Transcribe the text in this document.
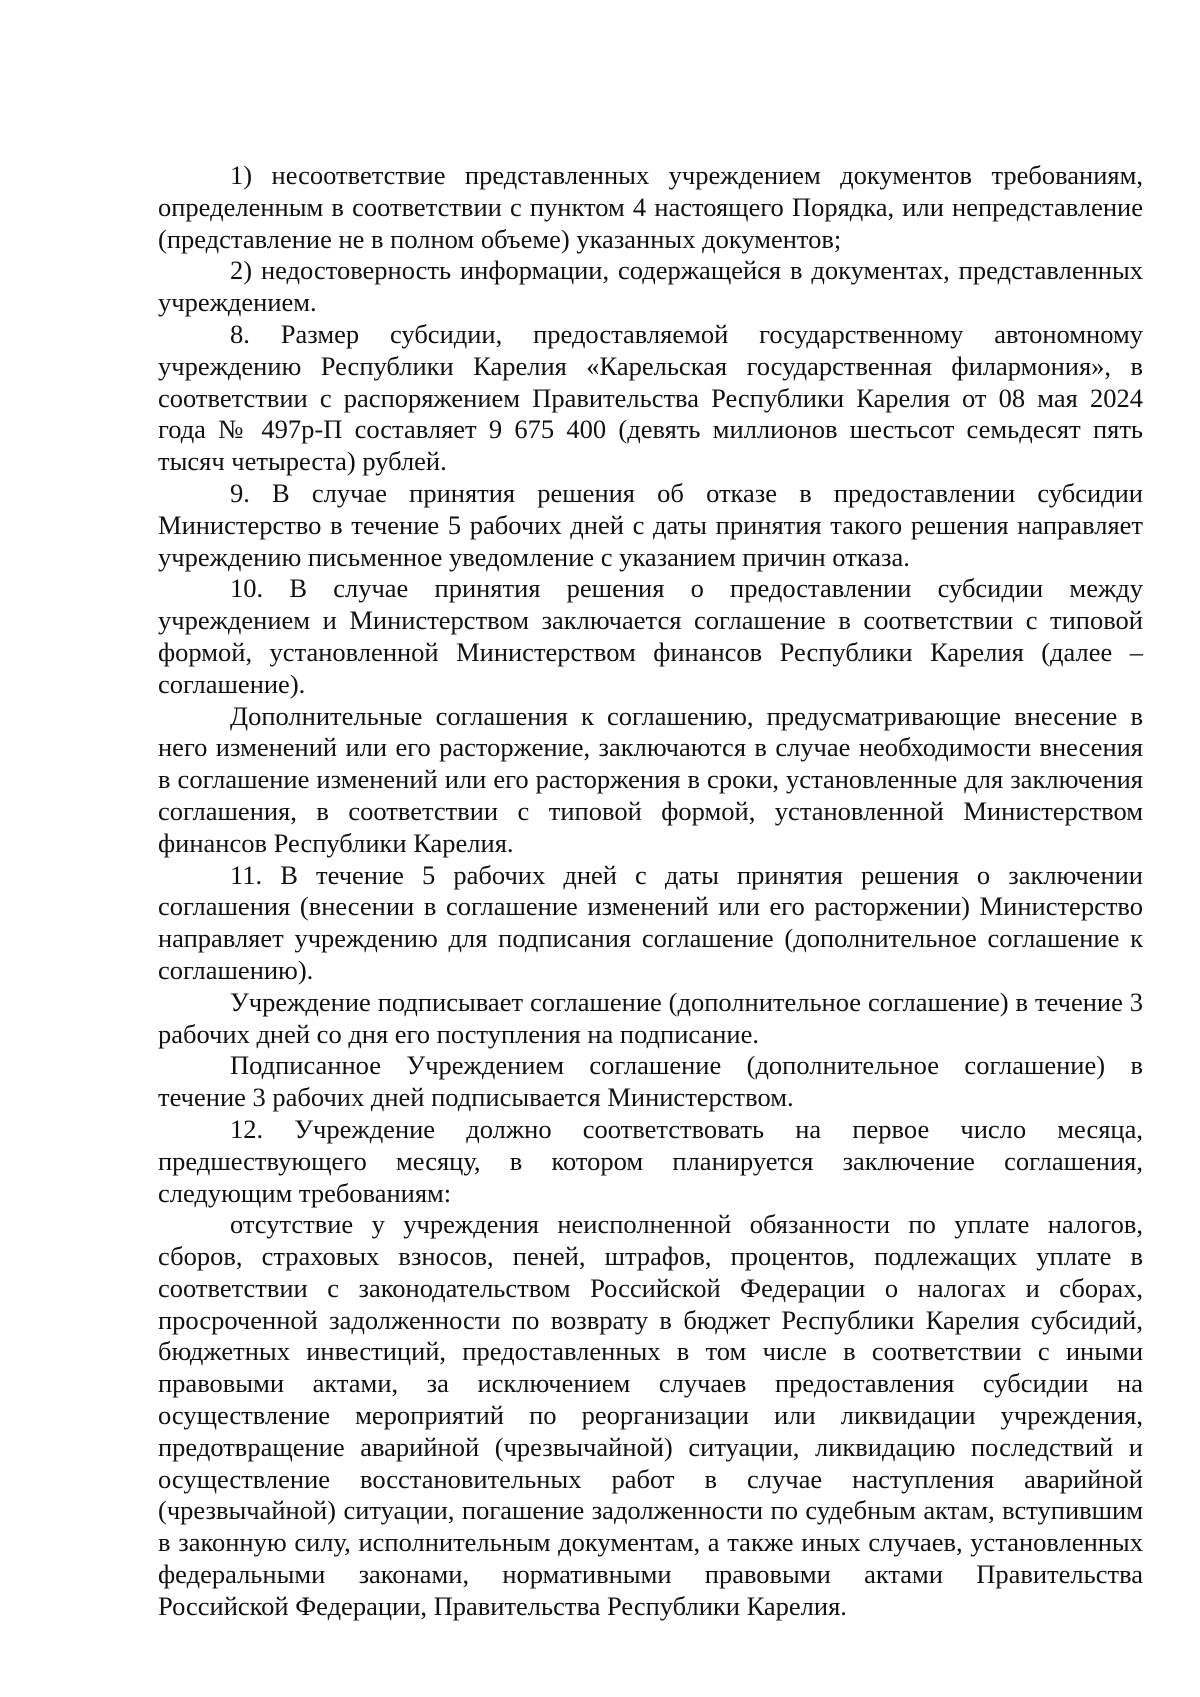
1) несоответствие представленных учреждением документов требованиям, определенным в соответствии с пунктом 4 настоящего Порядка, или непредставление (представление не в полном объеме) указанных документов;

2) недостоверность информации, содержащейся в документах, представленных учреждением.

8. Размер субсидии, предоставляемой государственному автономному учреждению Республики Карелия «Карельская государственная филармония», в соответствии с распоряжением Правительства Республики Карелия от 08 мая 2024 года № 497р-П составляет 9 675 400 (девять миллионов шестьсот семьдесят пять тысяч четыреста) рублей.

9. В случае принятия решения об отказе в предоставлении субсидии Министерство в течение 5 рабочих дней с даты принятия такого решения направляет учреждению письменное уведомление с указанием причин отказа.

10. В случае принятия решения о предоставлении субсидии между учреждением и Министерством заключается соглашение в соответствии с типовой формой, установленной Министерством финансов Республики Карелия (далее – соглашение).

Дополнительные соглашения к соглашению, предусматривающие внесение в него изменений или его расторжение, заключаются в случае необходимости внесения в соглашение изменений или его расторжения в сроки, установленные для заключения соглашения, в соответствии с типовой формой, установленной Министерством финансов Республики Карелия.

11. В течение 5 рабочих дней с даты принятия решения о заключении соглашения (внесении в соглашение изменений или его расторжении) Министерство направляет учреждению для подписания соглашение (дополнительное соглашение к соглашению).

Учреждение подписывает соглашение (дополнительное соглашение) в течение 3 рабочих дней со дня его поступления на подписание.

Подписанное Учреждением соглашение (дополнительное соглашение) в течение 3 рабочих дней подписывается Министерством.

12. Учреждение должно соответствовать на первое число месяца, предшествующего месяцу, в котором планируется заключение соглашения, следующим требованиям:

отсутствие у учреждения неисполненной обязанности по уплате налогов, сборов, страховых взносов, пеней, штрафов, процентов, подлежащих уплате в соответствии с законодательством Российской Федерации о налогах и сборах, просроченной задолженности по возврату в бюджет Республики Карелия субсидий, бюджетных инвестиций, предоставленных в том числе в соответствии с иными правовыми актами, за исключением случаев предоставления субсидии на осуществление мероприятий по реорганизации или ликвидации учреждения, предотвращение аварийной (чрезвычайной) ситуации, ликвидацию последствий и осуществление восстановительных работ в случае наступления аварийной (чрезвычайной) ситуации, погашение задолженности по судебным актам, вступившим в законную силу, исполнительным документам, а также иных случаев, установленных федеральными законами, нормативными правовыми актами Правительства Российской Федерации, Правительства Республики Карелия.
